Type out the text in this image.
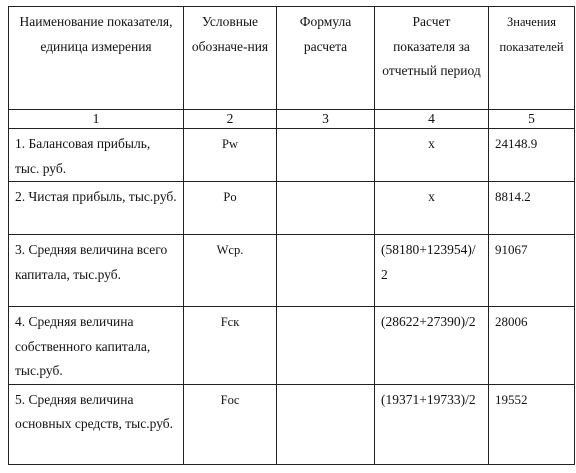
Наименование показателя, единица измерения	Условные обозначе-ния	Формула расчета	Расчет показателя за отчетный период	Значения показателей
1	2	3	4	5
1. Балансовая прибыль, тыс. руб.	Pw		x	24148.9
2. Чистая прибыль, тыс.руб.	Po		x	8814.2
3. Средняя величина всего капитала, тыс.руб.	Wcp.		(58180+123954)/2	91067
4. Средняя величина собственного капитала, тыс.руб.	Fск		(28622+27390)/2	28006
5. Средняя величина основных средств, тыс.руб.	Foc		(19371+19733)/2	19552
